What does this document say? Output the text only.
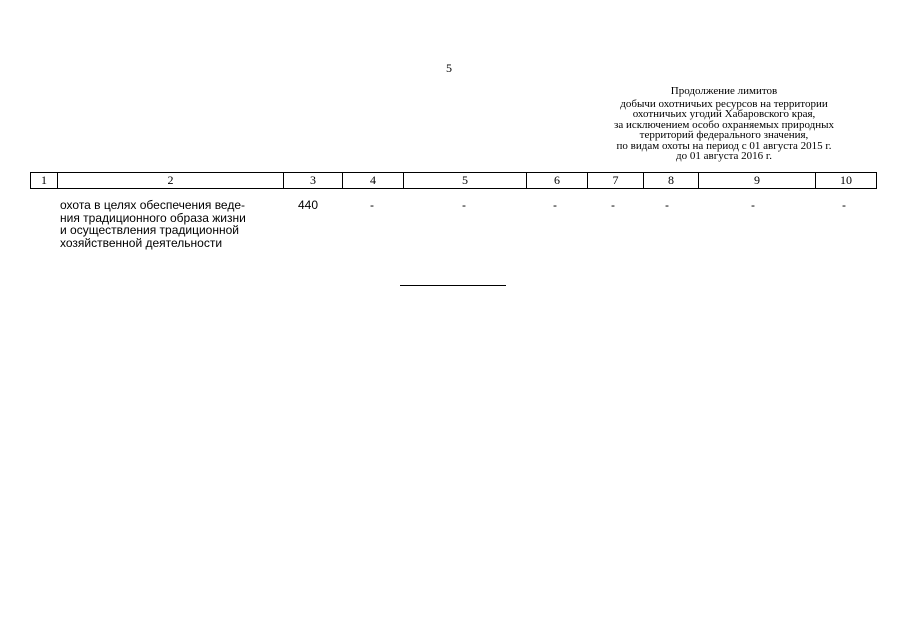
5
Продолжение лимитов
добычи охотничьих ресурсов на территории
охотничьих угодий Хабаровского края,
за исключением особо охраняемых природных
территорий федерального значения,
по видам охоты на период с 01 августа 2015 г.
до 01 августа 2016 г.
1	2	3	4	5	6	7	8	9	10
охота в целях обеспечения веде-
ния традиционного образа жизни
и осуществления традиционной
хозяйственной деятельности
440	-	-	-	-	-	-	-
